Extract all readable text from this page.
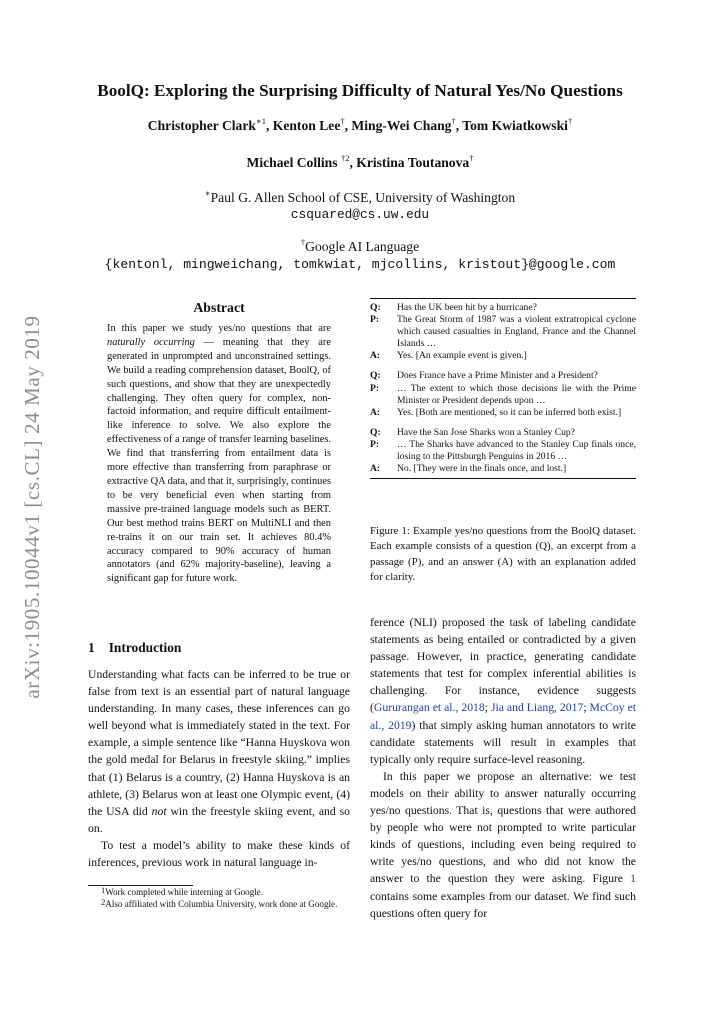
arXiv:1905.10044v1 [cs.CL] 24 May 2019
BoolQ: Exploring the Surprising Difficulty of Natural Yes/No Questions
Christopher Clark$^{∗1}$, Kenton Lee†, Ming-Wei Chang†, Tom Kwiatkowski†
Michael Collins $^{\dagger 2}$, Kristina Toutanova†
∗Paul G. Allen School of CSE, University of Washington
csquared@cs.uw.edu
†Google AI Language
{kentonl, mingweichang, tomkwiat, mjcollins, kristout}@google.com
Abstract
In this paper we study yes/no questions that are naturally occurring — meaning that they are generated in unprompted and unconstrained settings. We build a reading comprehension dataset, BoolQ, of such questions, and show that they are unexpectedly challenging. They often query for complex, non-factoid information, and require difficult entailment-like inference to solve. We also explore the effectiveness of a range of transfer learning baselines. We find that transferring from entailment data is more effective than transferring from paraphrase or extractive QA data, and that it, surprisingly, continues to be very beneficial even when starting from massive pre-trained language models such as BERT. Our best method trains BERT on MultiNLI and then re-trains it on our train set. It achieves 80.4% accuracy compared to 90% accuracy of human annotators (and 62% majority-baseline), leaving a significant gap for future work.
1 Introduction

Understanding what facts can be inferred to be true or false from text is an essential part of natural language understanding. In many cases, these inferences can go well beyond what is immediately stated in the text. For example, a simple sentence like “Hanna Huyskova won the gold medal for Belarus in freestyle skiing.” implies that (1) Belarus is a country, (2) Hanna Huyskova is an athlete, (3) Belarus won at least one Olympic event, (4) the USA did not win the freestyle skiing event, and so on.

To test a model’s ability to make these kinds of inferences, previous work in natural language in-

$^1$Work completed while interning at Google.
$^2$Also affiliated with Columbia University, work done at Google.
Q:	Has the UK been hit by a hurricane?
P:	The Great Storm of 1987 was a violent extratropical cyclone which caused casualties in England, France and the Channel Islands …
A:	Yes. [An example event is given.]
Q:	Does France have a Prime Minister and a President?
P:	… The extent to which those decisions lie with the Prime Minister or President depends upon …
A:	Yes. [Both are mentioned, so it can be inferred both exist.]
Q:	Have the San Jose Sharks won a Stanley Cup?
P:	… The Sharks have advanced to the Stanley Cup finals once, losing to the Pittsburgh Penguins in 2016 …
A:	No. [They were in the finals once, and lost.]
Figure 1: Example yes/no questions from the BoolQ dataset. Each example consists of a question (Q), an excerpt from a passage (P), and an answer (A) with an explanation added for clarity.

ference (NLI) proposed the task of labeling candidate statements as being entailed or contradicted by a given passage. However, in practice, generating candidate statements that test for complex inferential abilities is challenging. For instance, evidence suggests (Gururangan et al., 2018; Jia and Liang, 2017; McCoy et al., 2019) that simply asking human annotators to write candidate statements will result in examples that typically only require surface-level reasoning.

In this paper we propose an alternative: we test models on their ability to answer naturally occurring yes/no questions. That is, questions that were authored by people who were not prompted to write particular kinds of questions, including even being required to write yes/no questions, and who did not know the answer to the question they were asking. Figure 1 contains some examples from our dataset. We find such questions often query for
